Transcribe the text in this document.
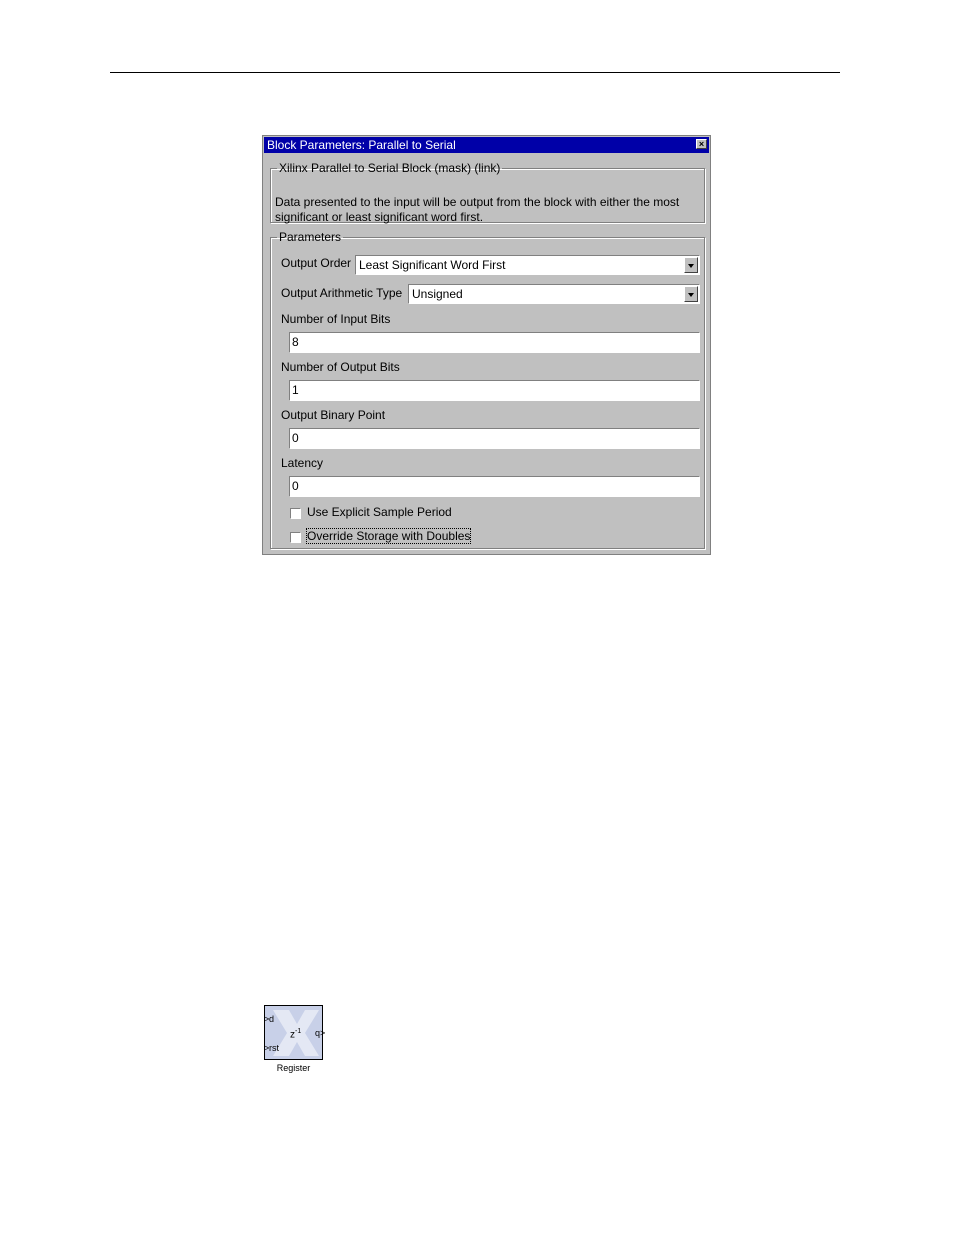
Block Parameters: Parallel to Serial	×
Xilinx Parallel to Serial Block (mask) (link)
Data presented to the input will be output from the block with either the most significant or least significant word first.
Parameters
Output Order Least Significant Word First
Output Arithmetic Type Unsigned
Number of Input Bits
8
Number of Output Bits
1
Output Binary Point
0
Latency
0
Use Explicit Sample Period
Override Storage with Doubles
> d
> rst
$z^{-1}$ q >
Register
